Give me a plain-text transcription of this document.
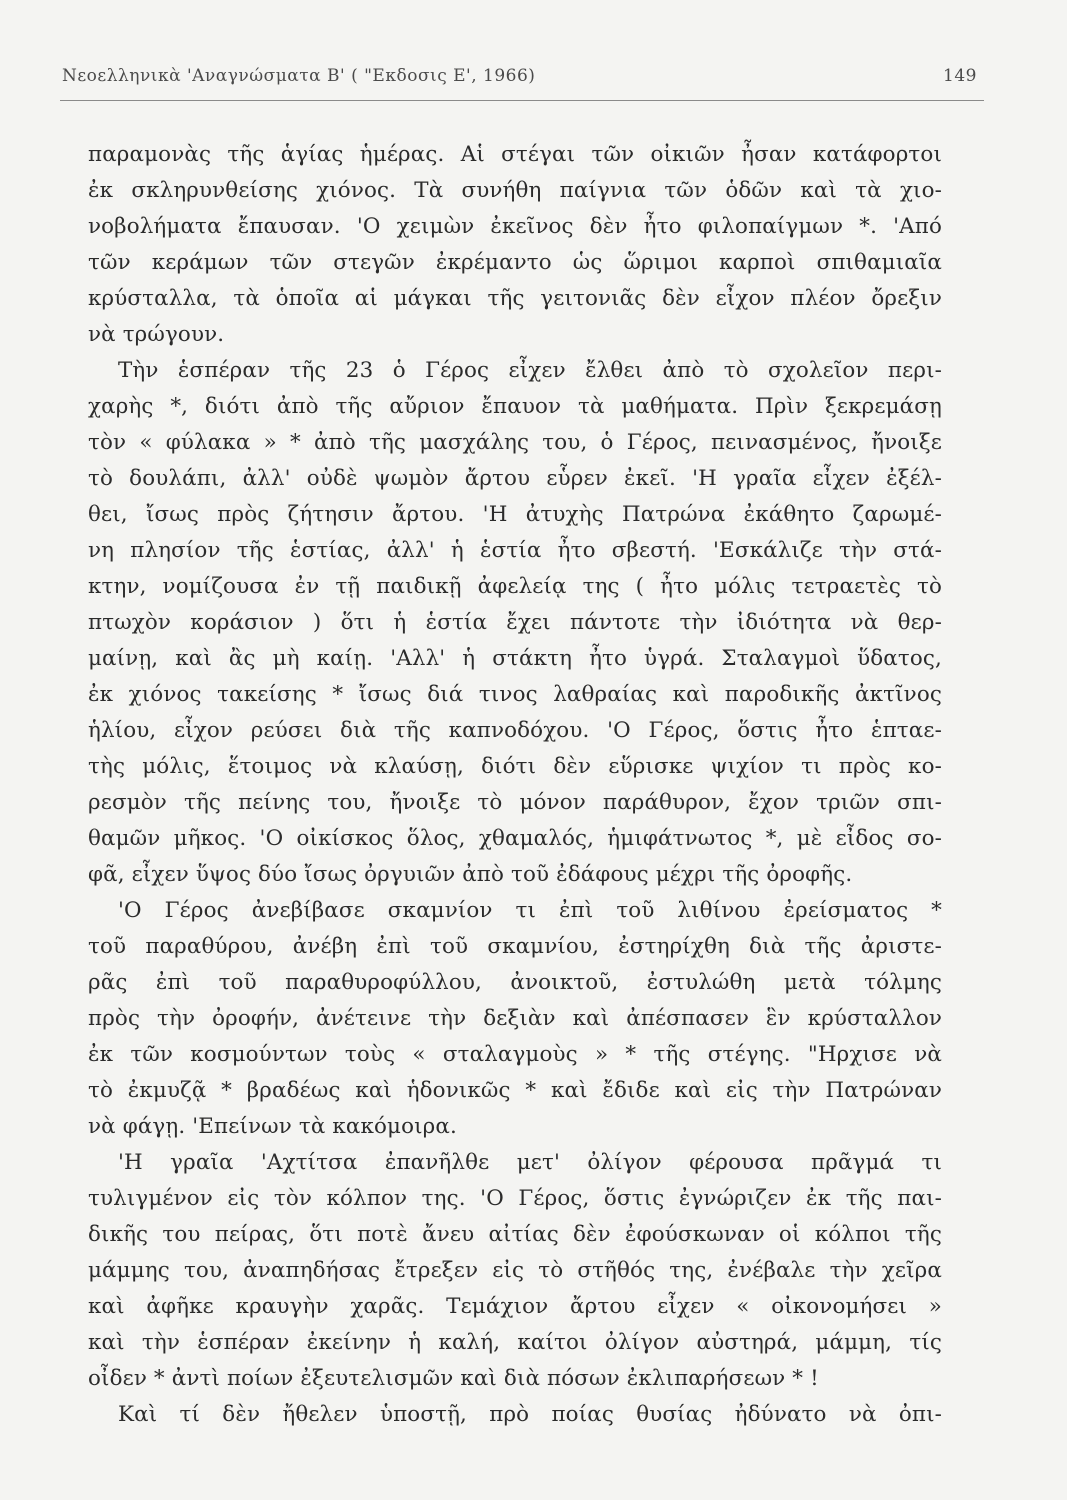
Νεοελληνικὰ 'Αναγνώσματα Β' ( "Εκδοσις Ε', 1966)	149
παραμονὰς τῆς ἁγίας ἡμέρας. Αἱ στέγαι τῶν οἰκιῶν ἦσαν κατάφορτοι
ἐκ σκληρυνθείσης χιόνος. Τὰ συνήθη παίγνια τῶν ὁδῶν καὶ τὰ χιο-
νοβολήματα ἔπαυσαν. 'Ο χειμὼν ἐκεῖνος δὲν ἦτο φιλοπαίγμων *. 'Από
τῶν κεράμων τῶν στεγῶν ἐκρέμαντο ὡς ὥριμοι καρποὶ σπιθαμιαῖα
κρύσταλλα, τὰ ὁποῖα αἱ μάγκαι τῆς γειτονιᾶς δὲν εἶχον πλέον ὄρεξιν
νὰ τρώγουν.
Τὴν ἑσπέραν τῆς 23 ὁ Γέρος εἶχεν ἔλθει ἀπὸ τὸ σχολεῖον περι-
χαρὴς *, διότι ἀπὸ τῆς αὔριον ἔπαυον τὰ μαθήματα. Πρὶν ξεκρεμάσῃ
τὸν « φύλακα » * ἀπὸ τῆς μασχάλης του, ὁ Γέρος, πεινασμένος, ἤνοιξε
τὸ δουλάπι, ἀλλ' οὐδὲ ψωμὸν ἄρτου εὗρεν ἐκεῖ. 'Η γραῖα εἶχεν ἐξέλ-
θει, ἴσως πρὸς ζήτησιν ἄρτου. 'Η ἀτυχὴς Πατρώνα ἐκάθητο ζαρωμέ-
νη πλησίον τῆς ἑστίας, ἀλλ' ἡ ἑστία ἦτο σβεστή. 'Εσκάλιζε τὴν στά-
κτην, νομίζουσα ἐν τῇ παιδικῇ ἀφελείᾳ της ( ἦτο μόλις τετραετὲς τὸ
πτωχὸν κοράσιον ) ὅτι ἡ ἑστία ἔχει πάντοτε τὴν ἰδιότητα νὰ θερ-
μαίνῃ, καὶ ἂς μὴ καίῃ. 'Αλλ' ἡ στάκτη ἦτο ὑγρά. Σταλαγμοὶ ὕδατος,
ἐκ χιόνος τακείσης * ἴσως διά τινος λαθραίας καὶ παροδικῆς ἀκτῖνος
ἡλίου, εἶχον ρεύσει διὰ τῆς καπνοδόχου. 'Ο Γέρος, ὅστις ἦτο ἑπταε-
τὴς μόλις, ἕτοιμος νὰ κλαύσῃ, διότι δὲν εὕρισκε ψιχίον τι πρὸς κο-
ρεσμὸν τῆς πείνης του, ἤνοιξε τὸ μόνον παράθυρον, ἔχον τριῶν σπι-
θαμῶν μῆκος. 'Ο οἰκίσκος ὅλος, χθαμαλός, ἡμιφάτνωτος *, μὲ εἶδος σο-
φᾶ, εἶχεν ὕψος δύο ἴσως ὀργυιῶν ἀπὸ τοῦ ἐδάφους μέχρι τῆς ὀροφῆς.
'Ο Γέρος ἀνεβίβασε σκαμνίον τι ἐπὶ τοῦ λιθίνου ἐρείσματος *
τοῦ παραθύρου, ἀνέβη ἐπὶ τοῦ σκαμνίου, ἐστηρίχθη διὰ τῆς ἀριστε-
ρᾶς ἐπὶ τοῦ παραθυροφύλλου, ἀνοικτοῦ, ἐστυλώθη μετὰ τόλμης
πρὸς τὴν ὀροφήν, ἀνέτεινε τὴν δεξιὰν καὶ ἀπέσπασεν ἓν κρύσταλλον
ἐκ τῶν κοσμούντων τοὺς « σταλαγμοὺς » * τῆς στέγης. "Ηρχισε νὰ
τὸ ἐκμυζᾷ * βραδέως καὶ ἡδονικῶς * καὶ ἔδιδε καὶ εἰς τὴν Πατρώναν
νὰ φάγῃ. 'Επείνων τὰ κακόμοιρα.
'Η γραῖα 'Αχτίτσα ἐπανῆλθε μετ' ὀλίγον φέρουσα πρᾶγμά τι
τυλιγμένον εἰς τὸν κόλπον της. 'Ο Γέρος, ὅστις ἐγνώριζεν ἐκ τῆς παι-
δικῆς του πείρας, ὅτι ποτὲ ἄνευ αἰτίας δὲν ἐφούσκωναν οἱ κόλποι τῆς
μάμμης του, ἀναπηδήσας ἔτρεξεν εἰς τὸ στῆθός της, ἐνέβαλε τὴν χεῖρα
καὶ ἀφῆκε κραυγὴν χαρᾶς. Τεμάχιον ἄρτου εἶχεν « οἰκονομήσει »
καὶ τὴν ἑσπέραν ἐκείνην ἡ καλή, καίτοι ὀλίγον αὐστηρά, μάμμη, τίς
οἶδεν * ἀντὶ ποίων ἐξευτελισμῶν καὶ διὰ πόσων ἐκλιπαρήσεων * !
Καὶ τί δὲν ἤθελεν ὑποστῇ, πρὸ ποίας θυσίας ἠδύνατο νὰ ὀπι-
